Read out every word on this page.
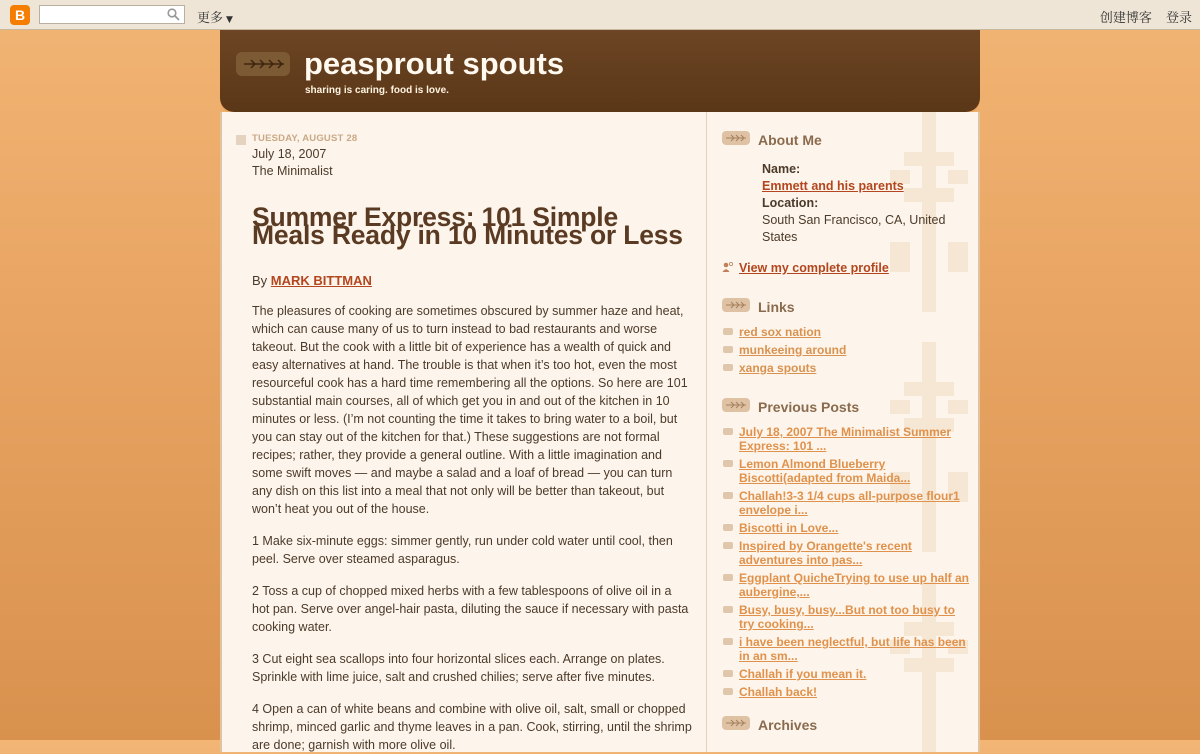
B	更多 ▼	创建博客 登录
peasprout spouts
sharing is caring. food is love.

TUESDAY, AUGUST 28

July 18, 2007

The Minimalist

Summer Express: 101 Simple Meals Ready in 10 Minutes or Less

By MARK BITTMAN

The pleasures of cooking are sometimes obscured by summer haze and heat, which can cause many of us to turn instead to bad restaurants and worse takeout. But the cook with a little bit of experience has a wealth of quick and easy alternatives at hand. The trouble is that when it’s too hot, even the most resourceful cook has a hard time remembering all the options. So here are 101 substantial main courses, all of which get you in and out of the kitchen in 10 minutes or less. (I’m not counting the time it takes to bring water to a boil, but you can stay out of the kitchen for that.) These suggestions are not formal recipes; rather, they provide a general outline. With a little imagination and some swift moves — and maybe a salad and a loaf of bread — you can turn any dish on this list into a meal that not only will be better than takeout, but won’t heat you out of the house.

1 Make six-minute eggs: simmer gently, run under cold water until cool, then peel. Serve over steamed asparagus.

2 Toss a cup of chopped mixed herbs with a few tablespoons of olive oil in a hot pan. Serve over angel-hair pasta, diluting the sauce if necessary with pasta cooking water.

3 Cut eight sea scallops into four horizontal slices each. Arrange on plates. Sprinkle with lime juice, salt and crushed chilies; serve after five minutes.

4 Open a can of white beans and combine with olive oil, salt, small or chopped shrimp, minced garlic and thyme leaves in a pan. Cook, stirring, until the shrimp are done; garnish with more olive oil.

About Me
Name:
Emmett and his parents
Location:
South San Francisco, CA, United States
View my complete profile
Links
red sox nation
munkeeing around
xanga spouts
Previous Posts
July 18, 2007 The Minimalist Summer Express: 101 ...
Lemon Almond Blueberry Biscotti(adapted from Maida...
Challah!3-3 1/4 cups all-purpose flour1 envelope i...
Biscotti in Love...
Inspired by Orangette's recent adventures into pas...
Eggplant QuicheTrying to use up half an aubergine,...
Busy, busy, busy...But not too busy to try cooking...
i have been neglectful, but life has been in an sm...
Challah if you mean it.
Challah back!
Archives
